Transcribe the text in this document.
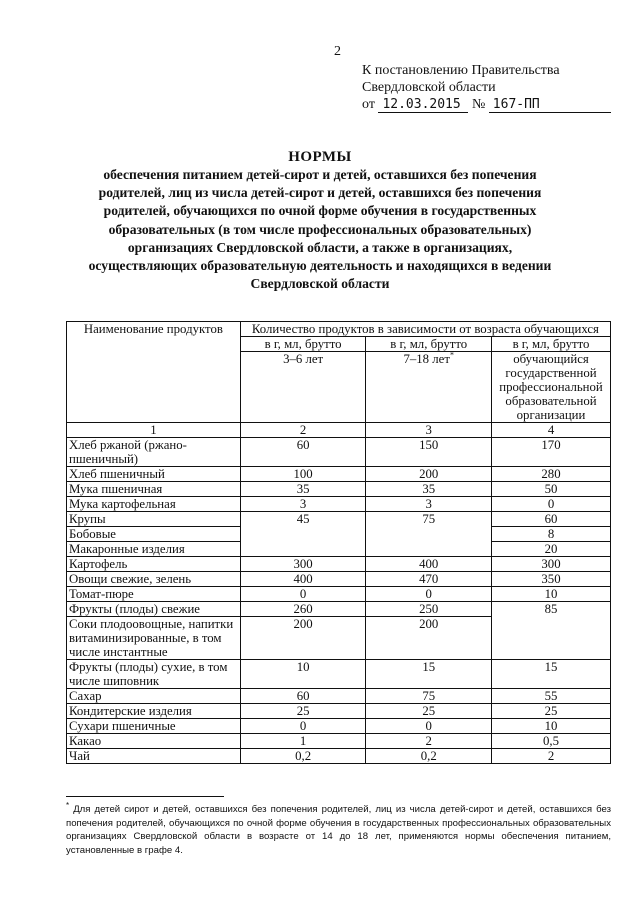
2
К постановлению Правительства
Свердловской области
от 12.03.2015 № 167-ПП
НОРМЫ
обеспечения питанием детей-сирот и детей, оставшихся без попечения
родителей, лиц из числа детей-сирот и детей, оставшихся без попечения
родителей, обучающихся по очной форме обучения в государственных
образовательных (в том числе профессиональных образовательных)
организациях Свердловской области, а также в организациях,
осуществляющих образовательную деятельность и находящихся в ведении
Свердловской области
Наименование продуктов	Количество продуктов в зависимости от возраста обучающихся		
	в г, мл, брутто	в г, мл, брутто	в г, мл, брутто
	3–6 лет	7–18 лет*	обучающийся государственной профессиональной образовательной организации
1	2	3	4
Хлеб ржаной (ржано-пшеничный)	60	150	170
Хлеб пшеничный	100	200	280
Мука пшеничная	35	35	50
Мука картофельная	3	3	0
Крупы	45	75	60
Бобовые			8
Макаронные изделия			20
Картофель	300	400	300
Овощи свежие, зелень	400	470	350
Томат-пюре	0	0	10
Фрукты (плоды) свежие	260	250	85
Соки плодоовощные, напитки витаминизированные, в том числе инстантные	200	200	
Фрукты (плоды) сухие, в том числе шиповник	10	15	15
Сахар	60	75	55
Кондитерские изделия	25	25	25
Сухари пшеничные	0	0	10
Какао	1	2	0,5
Чай	0,2	0,2	2
* Для детей сирот и детей, оставшихся без попечения родителей, лиц из числа детей-сирот и детей, оставшихся без попечения родителей, обучающихся по очной форме обучения в государственных профессиональных образовательных организациях Свердловской области в возрасте от 14 до 18 лет, применяются нормы обеспечения питанием, установленные в графе 4.
